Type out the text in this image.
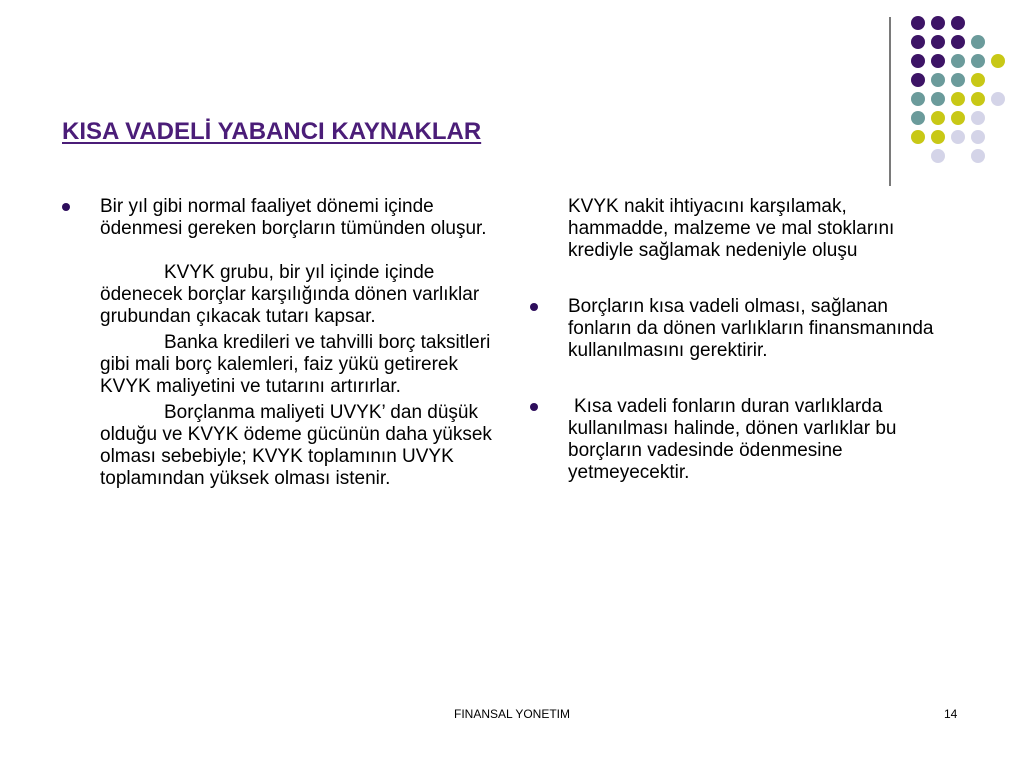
KISA VADELİ YABANCI KAYNAKLAR

Bir yıl gibi normal faaliyet dönemi içinde ödenmesi gereken borçların tümünden oluşur.

KVYK grubu, bir yıl içinde içinde ödenecek borçlar karşılığında dönen varlıklar grubundan çıkacak tutarı kapsar.

Banka kredileri ve tahvilli borç taksitleri gibi mali borç kalemleri, faiz yükü getirerek KVYK maliyetini ve tutarını artırırlar.

Borçlanma maliyeti UVYK’ dan düşük olduğu ve KVYK ödeme gücünün daha yüksek olması sebebiyle; KVYK toplamının UVYK toplamından yüksek olması istenir.

KVYK nakit ihtiyacını karşılamak, hammadde, malzeme ve mal stoklarını krediyle sağlamak nedeniyle oluşu

Borçların kısa vadeli olması, sağlanan fonların da dönen varlıkların finansmanında kullanılmasını gerektirir.

Kısa vadeli fonların duran varlıklarda kullanılması halinde, dönen varlıklar bu borçların vadesinde ödenmesine yetmeyecektir.

FINANSAL YONETIM	14
